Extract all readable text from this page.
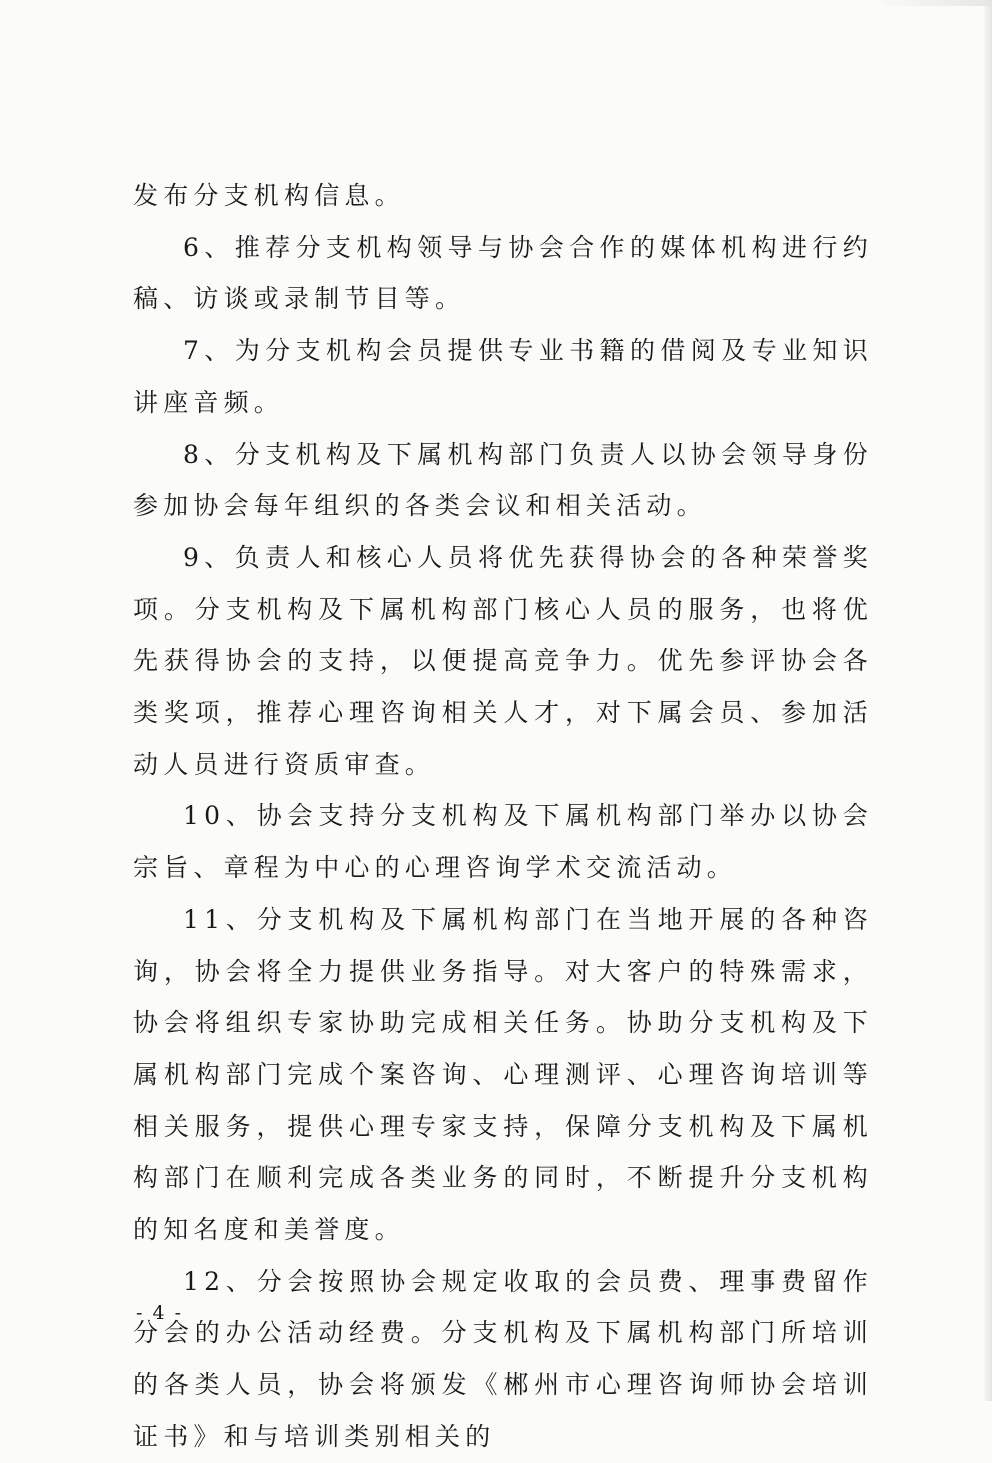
发布分支机构信息。

6、推荐分支机构领导与协会合作的媒体机构进行约稿、访谈或录制节目等。

7、为分支机构会员提供专业书籍的借阅及专业知识讲座音频。

8、分支机构及下属机构部门负责人以协会领导身份参加协会每年组织的各类会议和相关活动。

9、负责人和核心人员将优先获得协会的各种荣誉奖项。分支机构及下属机构部门核心人员的服务，也将优先获得协会的支持，以便提高竞争力。优先参评协会各类奖项，推荐心理咨询相关人才，对下属会员、参加活动人员进行资质审查。

10、协会支持分支机构及下属机构部门举办以协会宗旨、章程为中心的心理咨询学术交流活动。

11、分支机构及下属机构部门在当地开展的各种咨询，协会将全力提供业务指导。对大客户的特殊需求，协会将组织专家协助完成相关任务。协助分支机构及下属机构部门完成个案咨询、心理测评、心理咨询培训等相关服务，提供心理专家支持，保障分支机构及下属机构部门在顺利完成各类业务的同时，不断提升分支机构的知名度和美誉度。

12、分会按照协会规定收取的会员费、理事费留作分会的办公活动经费。分支机构及下属机构部门所培训的各类人员，协会将颁发《郴州市心理咨询师协会培训证书》和与培训类别相关的

- 4 -
